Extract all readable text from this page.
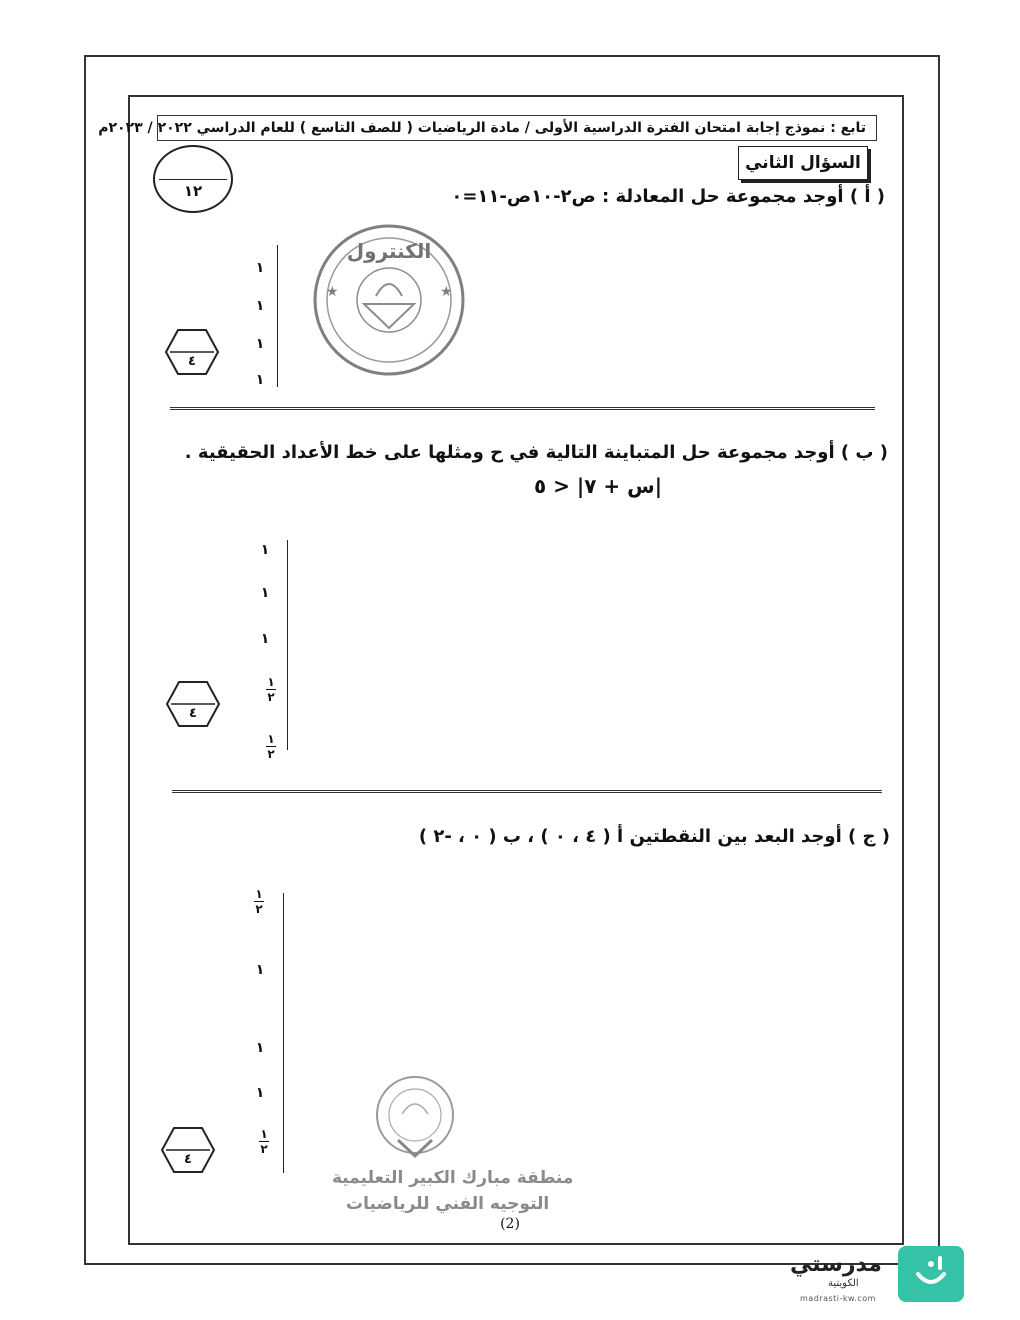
تابع : نموذج إجابة امتحان الفترة الدراسية الأولى / مادة الرياضيات ( للصف التاسع ) للعام الدراسي ٢٠٢٢ / ٢٠٢٣م
السؤال الثاني
١٢	( أ ) أوجد مجموعة حل المعادلة : ص٢-١٠ص-١١=٠
★	★
الكنترول
١
١
١
١
٤
( ب ) أوجد مجموعة حل المتباينة التالية في ح ومثلها على خط الأعداد الحقيقية .
|س + ٧| < ٥
١
١
١
١
٢
١
٢
٤
( ج ) أوجد البعد بين النقطتين أ ( ٤ ، ٠ ) ، ب ( ٠ ، -٢ )
١
٢
١
١
١
١
٢
٤
منطقة مبارك الكبير التعليمية
التوجيه الفني للرياضيات
(2)
مدرستي
الكويتية
madrasti-kw.com
